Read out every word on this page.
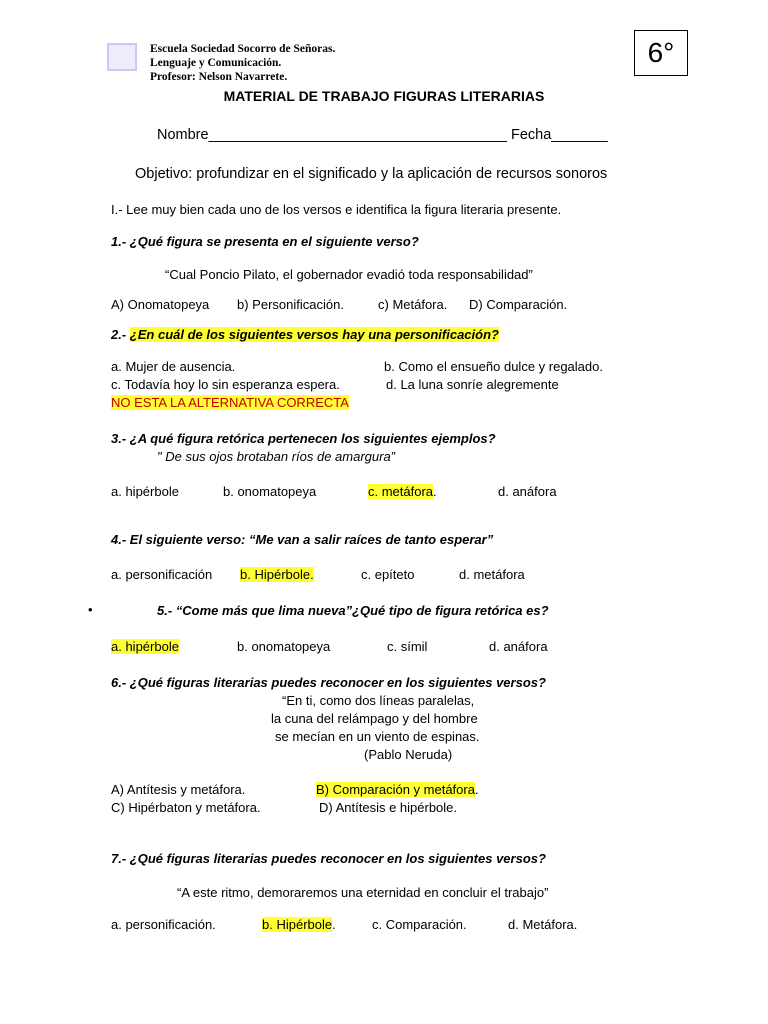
Escuela Sociedad Socorro de Señoras.
Lenguaje y Comunicación.
Profesor: Nelson Navarrete.
6°
MATERIAL DE TRABAJO FIGURAS LITERARIAS
Nombre_____________________________________ Fecha_______
Objetivo: profundizar en el significado y la aplicación de recursos sonoros
I.- Lee muy bien cada uno de los versos e identifica la figura literaria presente.
1.- ¿Qué figura se presenta en el siguiente verso?
“Cual Poncio Pilato, el gobernador evadió toda responsabilidad”
A) Onomatopeya b) Personificación.	c) Metáfora. D) Comparación.
2.- ¿En cuál de los siguientes versos hay una personificación?
a. Mujer de ausencia.	b. Como el ensueño dulce y regalado.
c. Todavía hoy lo sin esperanza espera.	d. La luna sonríe alegremente
NO ESTA LA ALTERNATIVA CORRECTA
3.- ¿A qué figura retórica pertenecen los siguientes ejemplos?
" De sus ojos brotaban ríos de amargura”
a. hipérbole	b. onomatopeya	c. metáfora.	d. anáfora
4.- El siguiente verso: “Me van a salir raíces de tanto esperar”
a. personificación b. Hipérbole.	c. epíteto	d. metáfora
•	5.- “Come más que lima nueva”¿Qué tipo de figura retórica es?
a. hipérbole	b. onomatopeya	c. símil	d. anáfora
6.- ¿Qué figuras literarias puedes reconocer en los siguientes versos?
“En ti, como dos líneas paralelas,
la cuna del relámpago y del hombre
se mecían en un viento de espinas.
(Pablo Neruda)
A) Antítesis y metáfora.	B) Comparación y metáfora.
C) Hipérbaton y metáfora.	D) Antítesis e hipérbole.
7.- ¿Qué figuras literarias puedes reconocer en los siguientes versos?
“A este ritmo, demoraremos una eternidad en concluir el trabajo”
a. personificación.	b. Hipérbole.	c. Comparación.	d. Metáfora.
